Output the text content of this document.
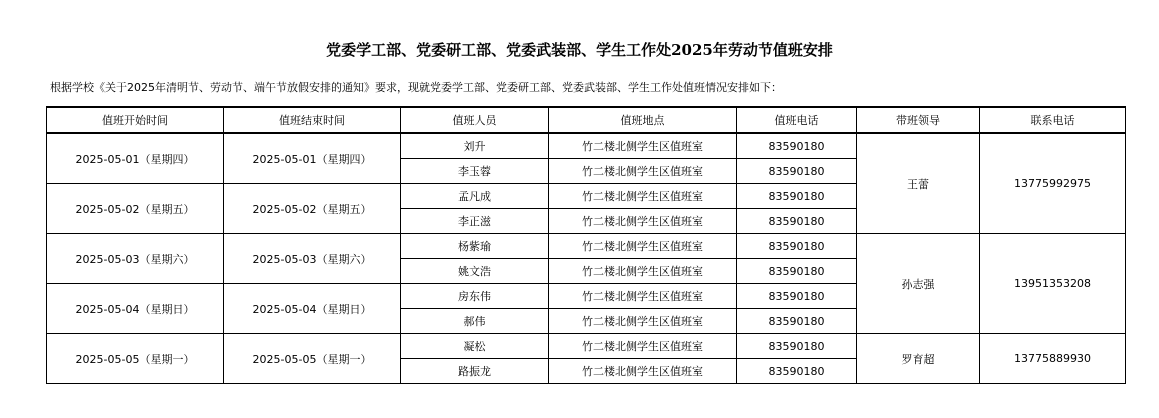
党委学工部、党委研工部、党委武装部、学生工作处2025年劳动节值班安排
根据学校《关于2025年清明节、劳动节、端午节放假安排的通知》要求，现就党委学工部、党委研工部、党委武装部、学生工作处值班情况安排如下：
值班开始时间	值班结束时间	值班人员	值班地点	值班电话	带班领导	联系电话
2025-05-01（星期四）	2025-05-01（星期四）	刘升	竹二楼北侧学生区值班室	83590180	王蕾	13775992975
		李玉蓉	竹二楼北侧学生区值班室	83590180		
2025-05-02（星期五）	2025-05-02（星期五）	孟凡成	竹二楼北侧学生区值班室	83590180		
		李正滋	竹二楼北侧学生区值班室	83590180		
2025-05-03（星期六）	2025-05-03（星期六）	杨紫瑜	竹二楼北侧学生区值班室	83590180	孙志强	13951353208
		姚文浩	竹二楼北侧学生区值班室	83590180		
2025-05-04（星期日）	2025-05-04（星期日）	房东伟	竹二楼北侧学生区值班室	83590180		
		郝伟	竹二楼北侧学生区值班室	83590180		
2025-05-05（星期一）	2025-05-05（星期一）	凝松	竹二楼北侧学生区值班室	83590180	罗育超	13775889930
		路振龙	竹二楼北侧学生区值班室	83590180		
